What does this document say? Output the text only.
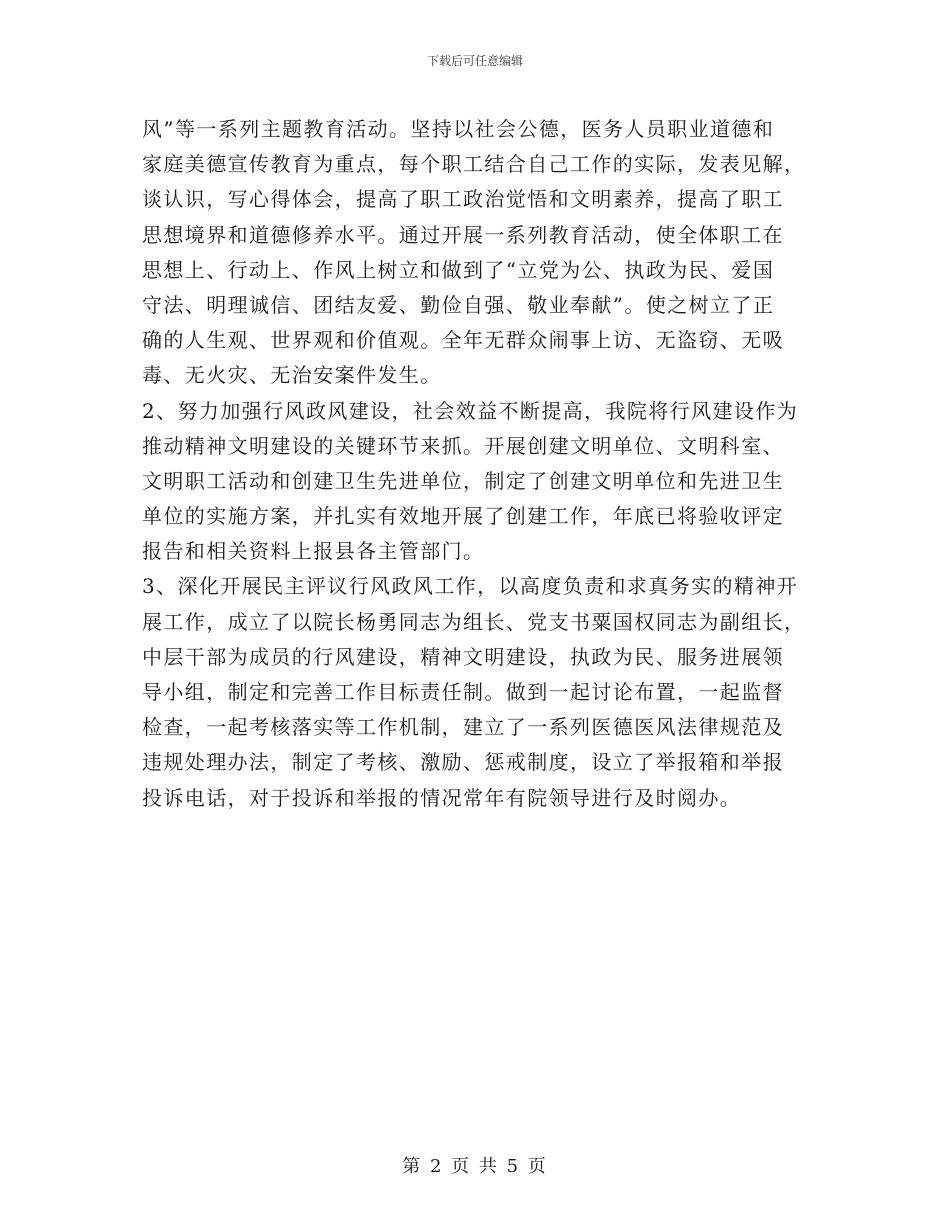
下载后可任意编辑
风”等一系列主题教育活动。坚持以社会公德，医务人员职业道德和
家庭美德宣传教育为重点，每个职工结合自己工作的实际，发表见解，
谈认识，写心得体会，提高了职工政治觉悟和文明素养，提高了职工
思想境界和道德修养水平。通过开展一系列教育活动，使全体职工在
思想上、行动上、作风上树立和做到了“立党为公、执政为民、爱国
守法、明理诚信、团结友爱、勤俭自强、敬业奉献”。使之树立了正
确的人生观、世界观和价值观。全年无群众闹事上访、无盗窃、无吸
毒、无火灾、无治安案件发生。
2、努力加强行风政风建设，社会效益不断提高，我院将行风建设作为
推动精神文明建设的关键环节来抓。开展创建文明单位、文明科室、
文明职工活动和创建卫生先进单位，制定了创建文明单位和先进卫生
单位的实施方案，并扎实有效地开展了创建工作，年底已将验收评定
报告和相关资料上报县各主管部门。
3、深化开展民主评议行风政风工作，以高度负责和求真务实的精神开
展工作，成立了以院长杨勇同志为组长、党支书粟国权同志为副组长，
中层干部为成员的行风建设，精神文明建设，执政为民、服务进展领
导小组，制定和完善工作目标责任制。做到一起讨论布置，一起监督
检查，一起考核落实等工作机制，建立了一系列医德医风法律规范及
违规处理办法，制定了考核、激励、惩戒制度，设立了举报箱和举报
投诉电话，对于投诉和举报的情况常年有院领导进行及时阅办。
第 2 页 共 5 页
